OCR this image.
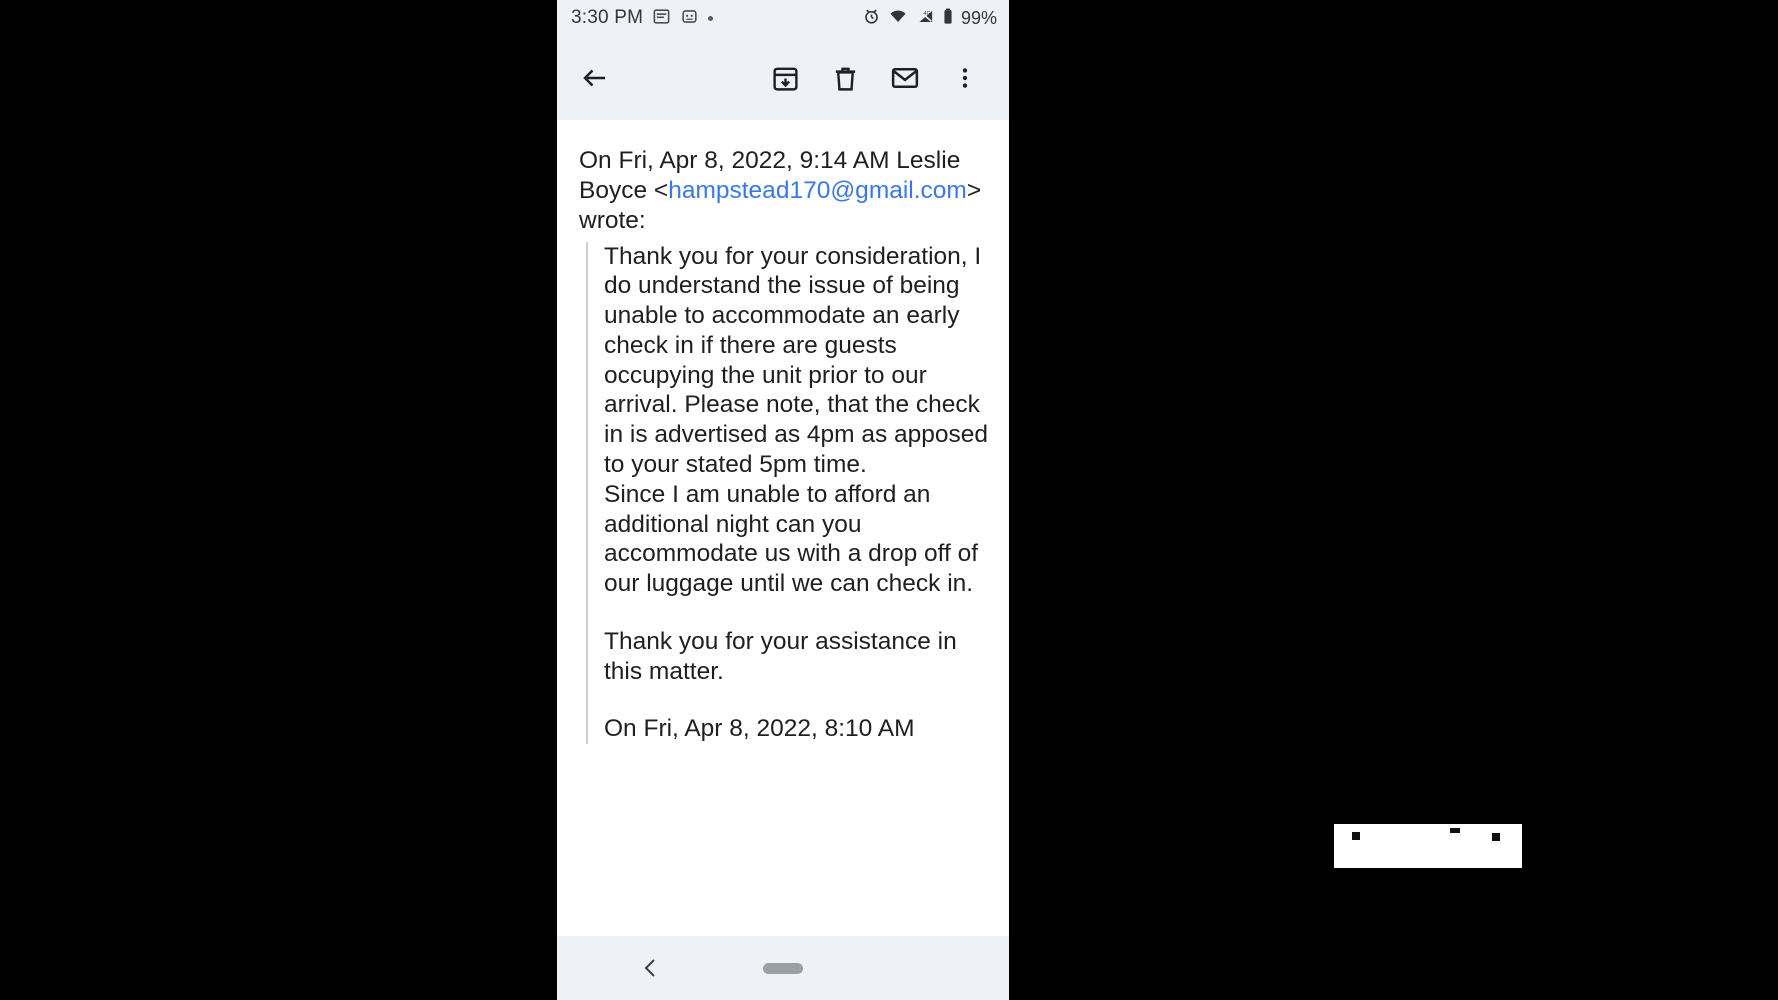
3:30 PM	4G 99%
On Fri, Apr 8, 2022, 9:14 AM Leslie Boyce <hampstead170@gmail.com> wrote:

Thank you for your consideration, I do understand the issue of being unable to accommodate an early check in if there are guests occupying the unit prior to our arrival. Please note, that the check in is advertised as 4pm as apposed to your stated 5pm time.

Since I am unable to afford an additional night can you accommodate us with a drop off of our luggage until we can check in.

Thank you for your assistance in this matter.

On Fri, Apr 8, 2022, 8:10 AM
